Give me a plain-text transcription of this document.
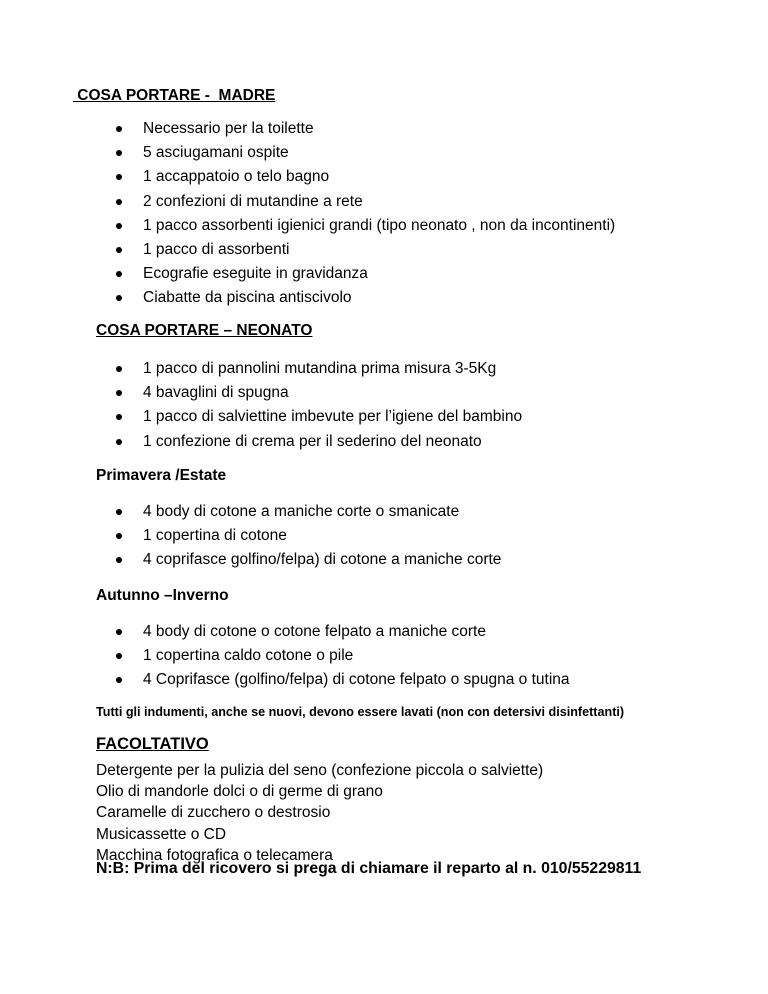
COSA PORTARE -  MADRE
Necessario per la toilette
5 asciugamani ospite
1 accappatoio o telo bagno
2 confezioni di mutandine a rete
1 pacco assorbenti igienici grandi (tipo neonato , non da incontinenti)
1 pacco di assorbenti
Ecografie eseguite in gravidanza
Ciabatte da piscina antiscivolo
COSA PORTARE – NEONATO
1 pacco di pannolini mutandina prima misura 3-5Kg
4 bavaglini di spugna
1 pacco di salviettine imbevute per l’igiene del bambino
1 confezione di crema per il sederino del neonato
Primavera /Estate
4 body di cotone a maniche corte o smanicate
1 copertina di cotone
4 coprifasce golfino/felpa) di cotone a maniche corte
Autunno –Inverno
4 body di cotone o cotone felpato a maniche corte
1 copertina caldo cotone o pile
4 Coprifasce (golfino/felpa) di cotone felpato o spugna o tutina
Tutti gli indumenti, anche se nuovi, devono essere lavati (non con detersivi disinfettanti)
FACOLTATIVO
Detergente per la pulizia del seno (confezione piccola o salviette)
Olio di mandorle dolci o di germe di grano
Caramelle di zucchero o destrosio
Musicassette o CD
Macchina fotografica o telecamera
N:B: Prima del ricovero si prega di chiamare il reparto al n. 010/55229811
